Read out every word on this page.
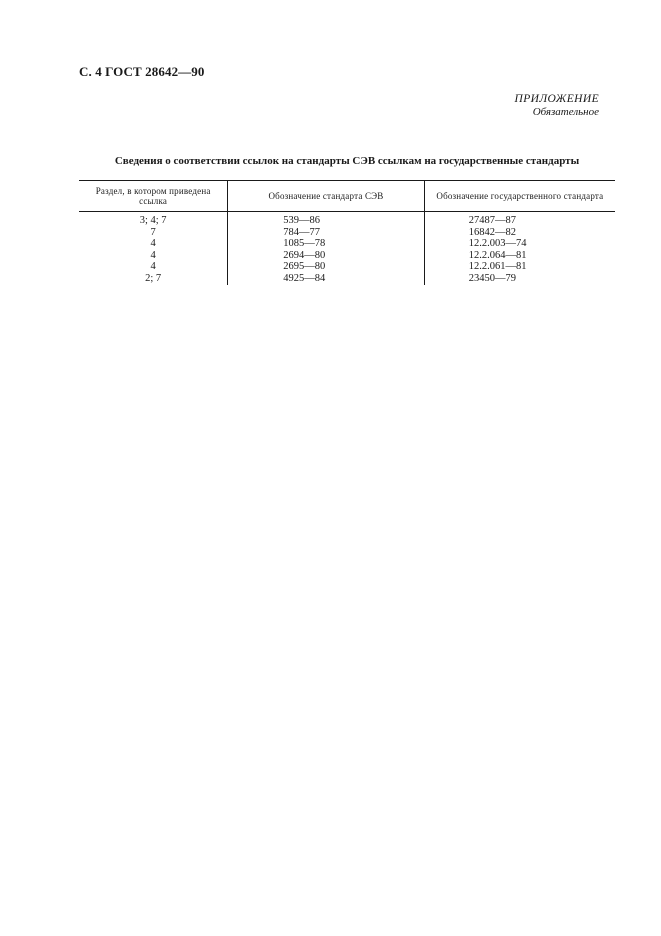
С. 4 ГОСТ 28642—90
ПРИЛОЖЕНИЕ
Обязательное
Сведения о соответствии ссылок на стандарты СЭВ ссылкам на государственные стандарты
Раздел, в котором приведена ссылка	Обозначение стандарта СЭВ	Обозначение государственного стандарта
3; 4; 7	539—86	27487—87
7	784—77	16842—82
4	1085—78	12.2.003—74
4	2694—80	12.2.064—81
4	2695—80	12.2.061—81
2; 7	4925—84	23450—79
